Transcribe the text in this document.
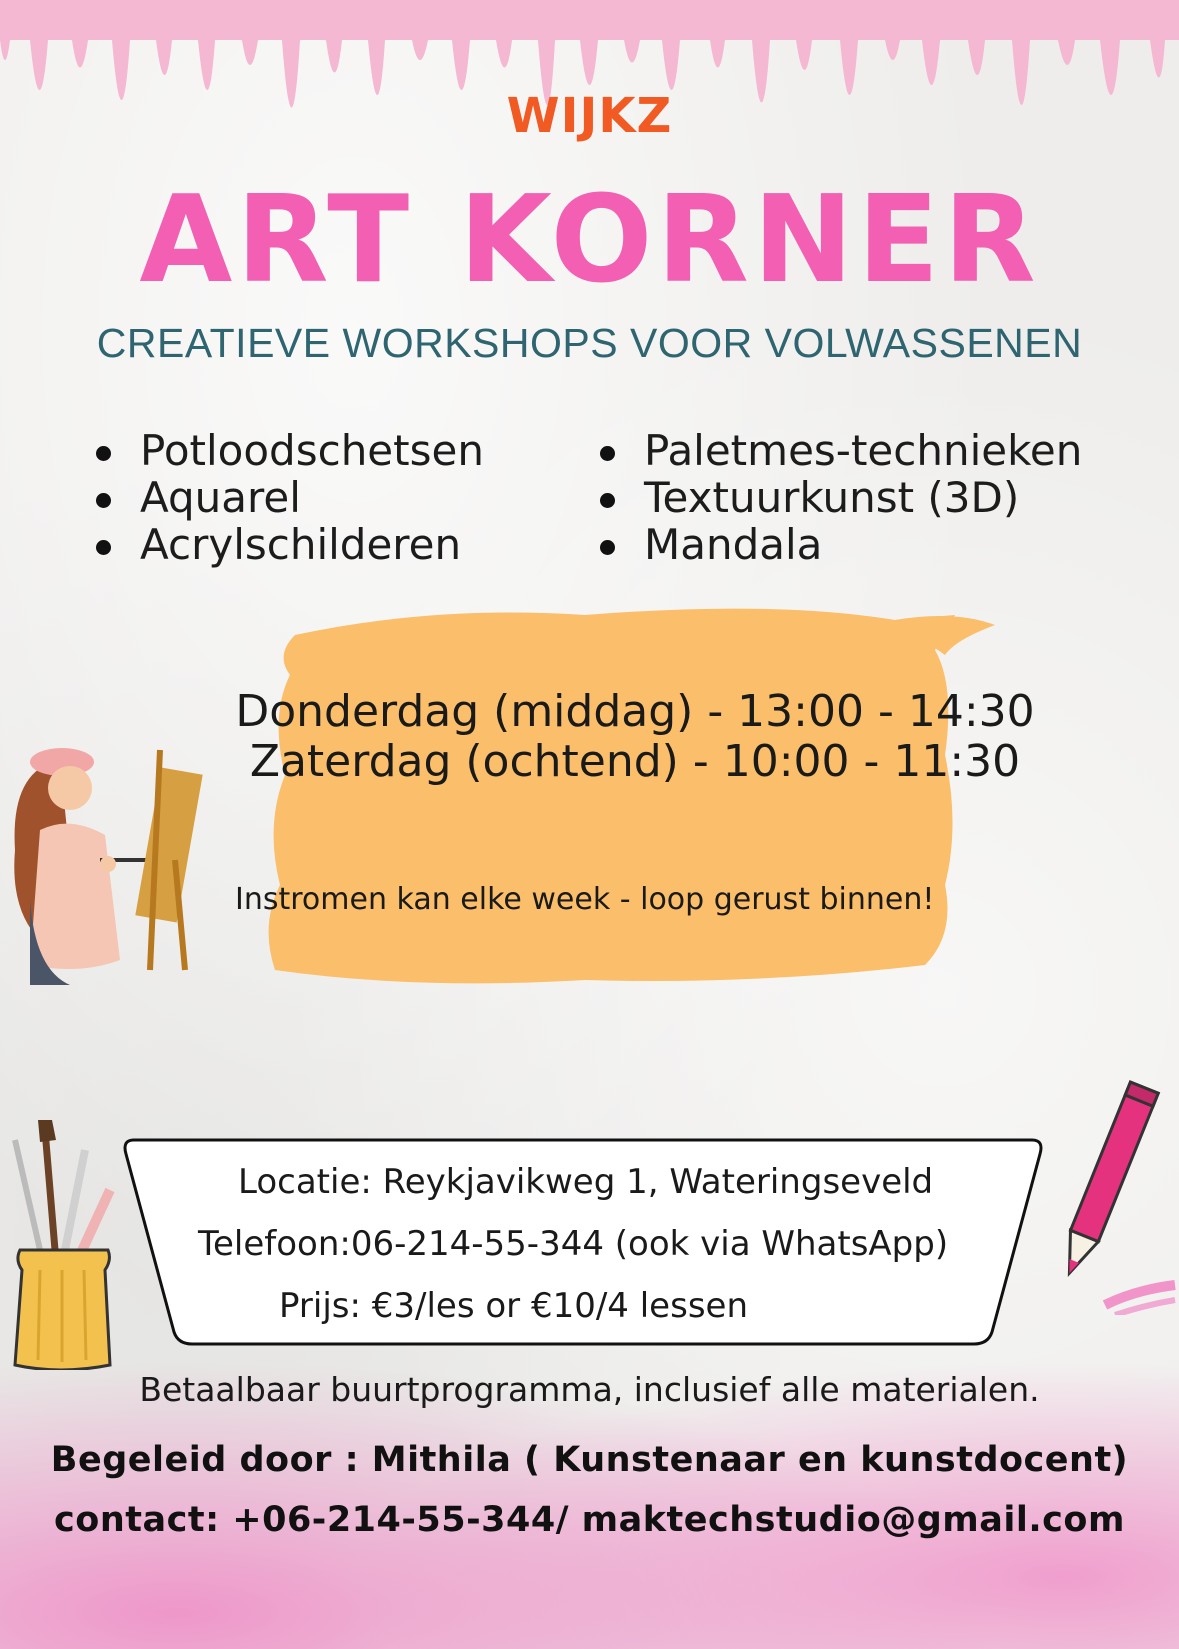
WIJKZ
ART KORNER
CREATIEVE WORKSHOPS VOOR VOLWASSENEN
Potloodschetsen
Aquarel
Acrylschilderen
Paletmes-technieken
Textuurkunst (3D)
Mandala
Donderdag (middag) - 13:00 - 14:30
Zaterdag (ochtend) - 10:00 - 11:30
Instromen kan elke week - loop gerust binnen!
Locatie: Reykjavikweg 1, Wateringseveld
Telefoon:06-214-55-344 (ook via WhatsApp)
Prijs: €3/les or €10/4 lessen
Betaalbaar buurtprogramma, inclusief alle materialen.
Begeleid door : Mithila ( Kunstenaar en kunstdocent)
contact: +06-214-55-344/ maktechstudio@gmail.com
